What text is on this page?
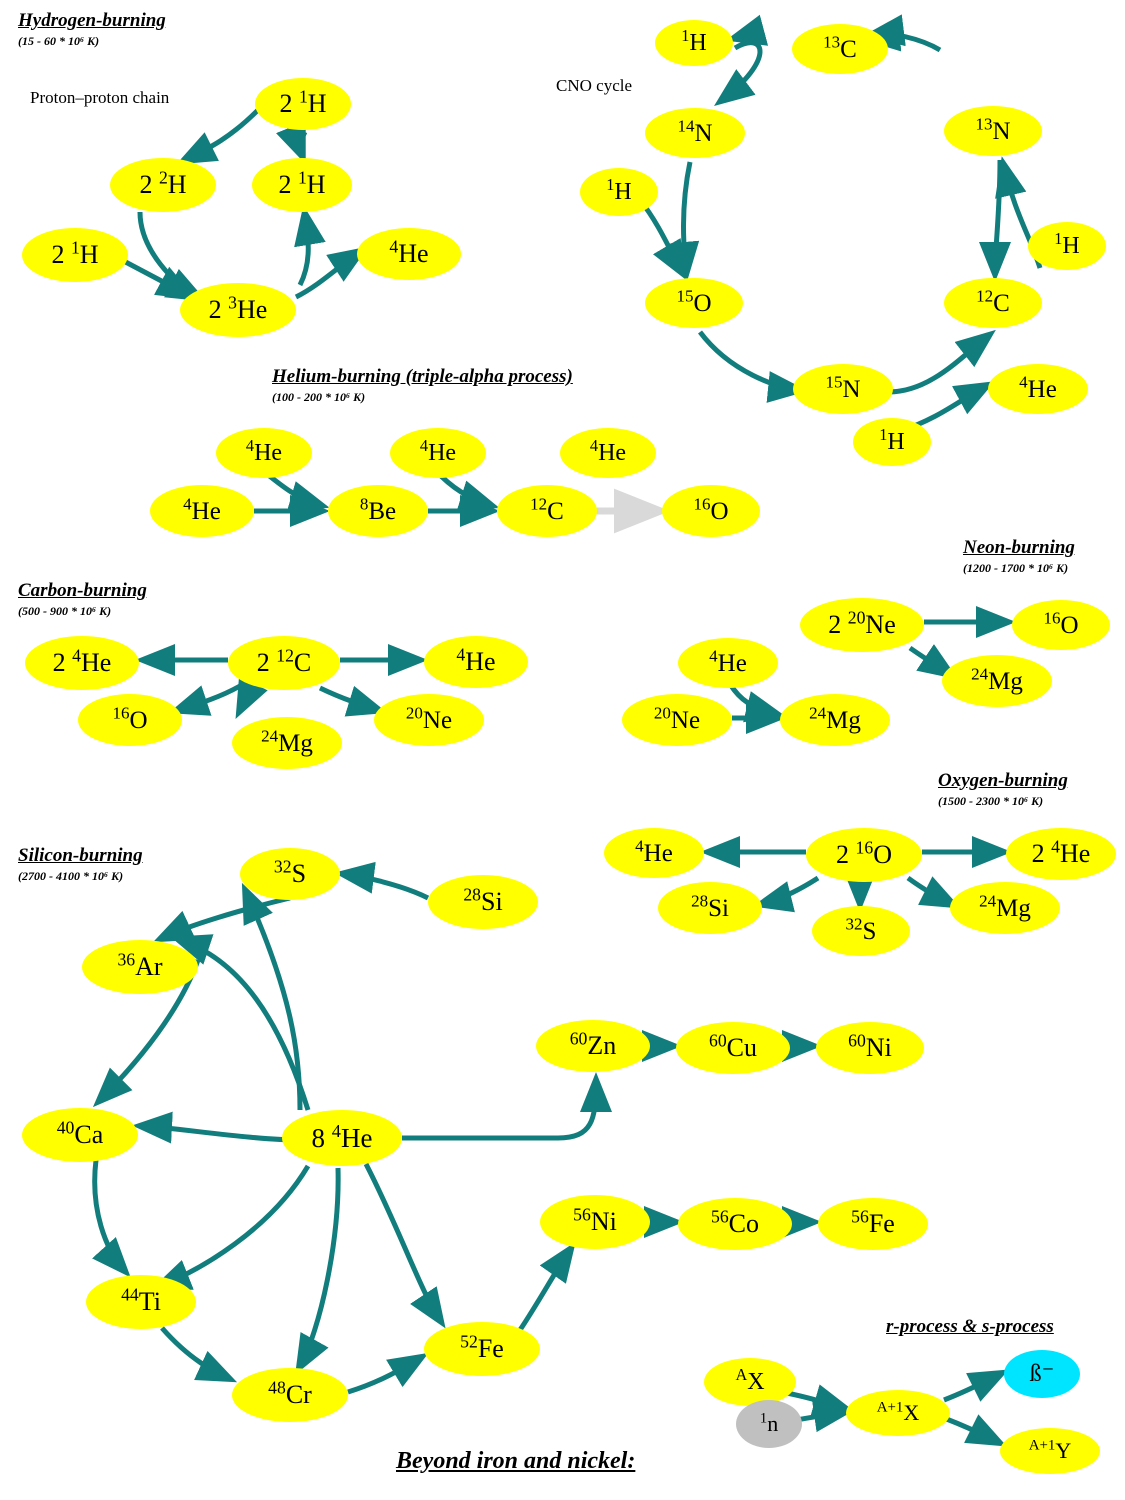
Hydrogen-burning
(15 - 60 * 10⁶ K)
Helium-burning (triple-alpha process)
(100 - 200 * 10⁶ K)
Carbon-burning
(500 - 900 * 10⁶ K)
Neon-burning
(1200 - 1700 * 10⁶ K)
Oxygen-burning
(1500 - 2300 * 10⁶ K)
Silicon-burning
(2700 - 4100 * 10⁶ K)
r-process & s-process
Proton–proton chain
CNO cycle
Beyond iron and nickel:
2 $^1$H
2 $^2$H	2 $^1$H
2 $^1$H
2 $^3$He
$^4$He
$^1$H	$^{13}$C
$^{14}$N	$^{13}$N
$^1$H
$^1$H
$^{15}$O	$^{12}$C
$^{15}$N	$^4$He
$^1$H
$^4$He	$^4$He	$^4$He
$^4$He	$^8$Be	$^{12}$C	$^{16}$O
2 $^{12}$C
2 $^4$He	$^4$He
$^{16}$O
$^{24}$Mg
$^{20}$Ne
2 $^{20}$Ne	$^{16}$O
$^{24}$Mg
$^4$He
$^{20}$Ne	$^{24}$Mg
2 $^{16}$O
$^4$He	2 $^4$He
$^{28}$Si
$^{32}$S
$^{24}$Mg
$^{32}$S
$^{28}$Si
$^{36}$Ar
$^{40}$Ca	8 $^4$He
$^{44}$Ti
$^{48}$Cr
$^{52}$Fe
$^{56}$Ni	$^{56}$Co	$^{56}$Fe
$^{60}$Zn	$^{60}$Cu	$^{60}$Ni
$^A$X
$^1$n
$^{A+1}$X
ß⁻
$^{A+1}$Y
